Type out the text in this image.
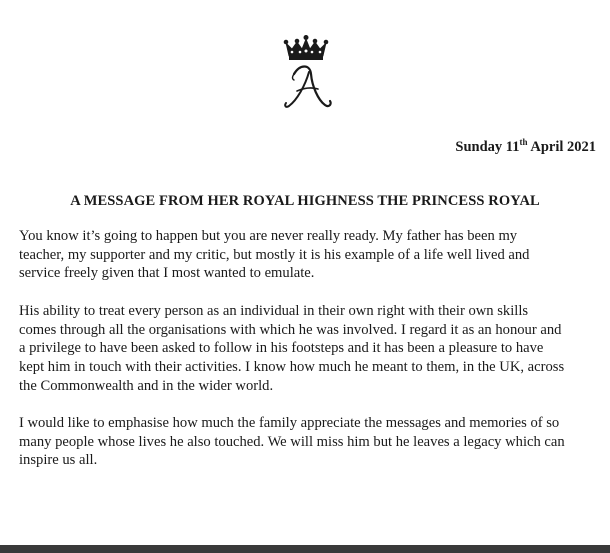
Sunday 11th April 2021
A MESSAGE FROM HER ROYAL HIGHNESS THE PRINCESS ROYAL

You know it’s going to happen but you are never really ready. My father has been my
teacher, my supporter and my critic, but mostly it is his example of a life well lived and
service freely given that I most wanted to emulate.

His ability to treat every person as an individual in their own right with their own skills
comes through all the organisations with which he was involved. I regard it as an honour and
a privilege to have been asked to follow in his footsteps and it has been a pleasure to have
kept him in touch with their activities. I know how much he meant to them, in the UK, across
the Commonwealth and in the wider world.

I would like to emphasise how much the family appreciate the messages and memories of so
many people whose lives he also touched. We will miss him but he leaves a legacy which can
inspire us all.
